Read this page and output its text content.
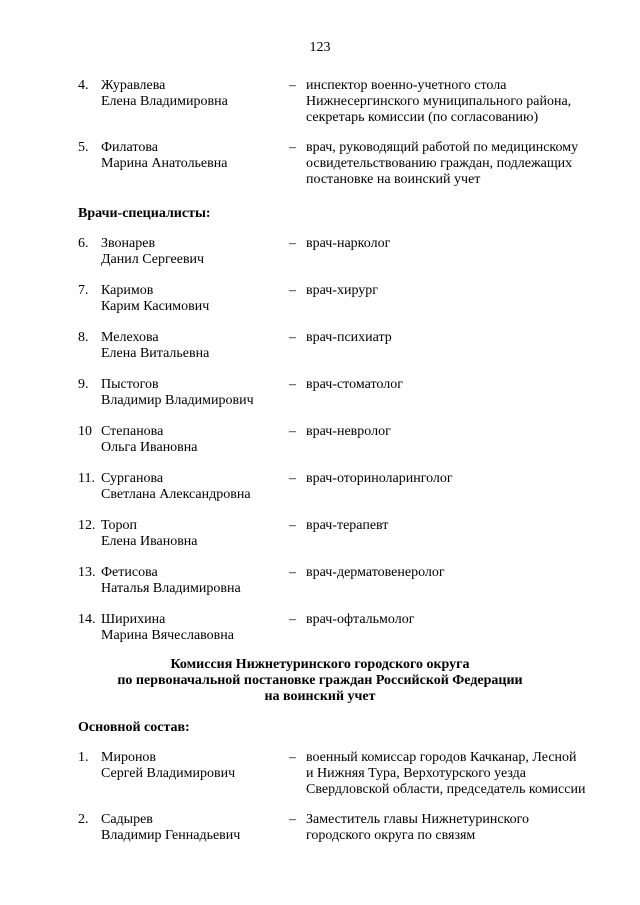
123
4. Журавлева
Елена Владимировна
– инспектор военно-учетного стола
Нижнесергинского муниципального района,
секретарь комиссии (по согласованию)
5. Филатова
Марина Анатольевна
– врач, руководящий работой по медицинскому
освидетельствованию граждан, подлежащих
постановке на воинский учет
Врачи-специалисты:
6. Звонарев
Данил Сергеевич
– врач-нарколог
7. Каримов
Карим Касимович
– врач-хирург
8. Мелехова
Елена Витальевна
– врач-психиатр
9. Пыстогов
Владимир Владимирович
– врач-стоматолог
10 Степанова
Ольга Ивановна
– врач-невролог
11. Сурганова
Светлана Александровна
– врач-оториноларинголог
12. Тороп
Елена Ивановна
– врач-терапевт
13. Фетисова
Наталья Владимировна
– врач-дерматовенеролог
14. Ширихина
Марина Вячеславовна
– врач-офтальмолог
Комиссия Нижнетуринского городского округа
по первоначальной постановке граждан Российской Федерации
на воинский учет
Основной состав:
1. Миронов
Сергей Владимирович
– военный комиссар городов Качканар, Лесной
и Нижняя Тура, Верхотурского уезда
Свердловской области, председатель комиссии
2. Садырев
Владимир Геннадьевич
– Заместитель главы Нижнетуринского
городского округа по связям
